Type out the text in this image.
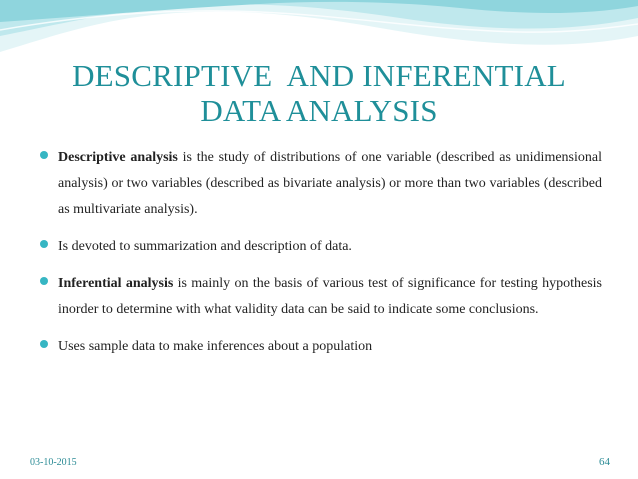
DESCRIPTIVE  AND INFERENTIAL
DATA ANALYSIS
Descriptive analysis is the study of distributions of one variable (described as unidimensional analysis) or two variables (described as bivariate analysis) or more than two variables (described as multivariate analysis).
Is devoted to summarization and description of data.
Inferential analysis is mainly on the basis of various test of significance for testing hypothesis inorder to determine with what validity data can be said to indicate some conclusions.
Uses sample data to make inferences about a population
03-10-2015	64
